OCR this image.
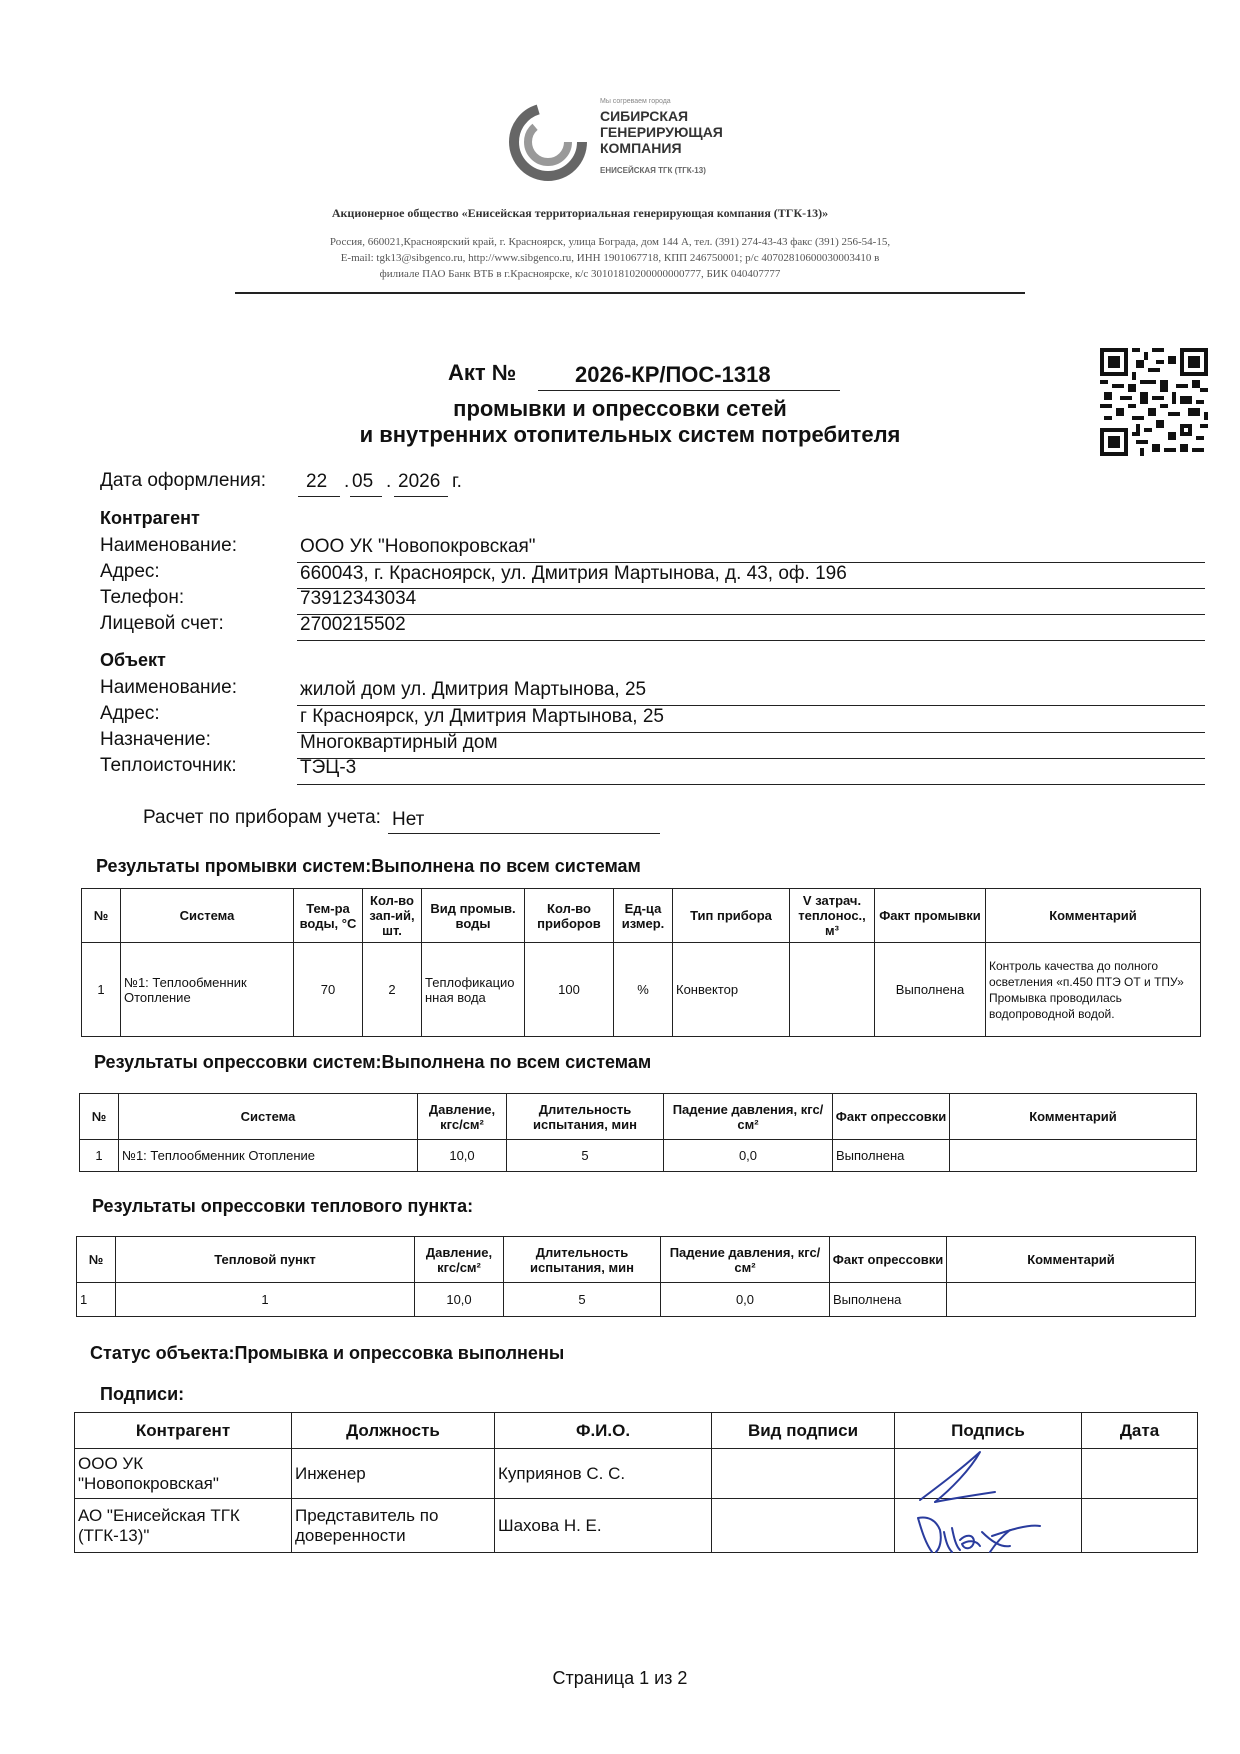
Мы согреваем города
СИБИРСКАЯ
ГЕНЕРИРУЮЩАЯ
КОМПАНИЯ
ЕНИСЕЙСКАЯ ТГК (ТГК-13)
Акционерное общество «Енисейская территориальная генерирующая компания (ТГК-13)»
Россия, 660021,Красноярский край, г. Красноярск, улица Бограда, дом 144 А, тел. (391) 274-43-43 факс (391) 256-54-15,
E-mail: tgk13@sibgenco.ru, http://www.sibgenco.ru, ИНН 1901067718, КПП 246750001; р/с 40702810600030003410 в
филиале ПАО Банк ВТБ в г.Красноярске, к/с 30101810200000000777, БИК 040407777
Акт №	2026-КР/ПОС-1318
промывки и опрессовки сетей
и внутренних отопительных систем потребителя
Дата оформления: 22 . 05 . 2026 г.
Контрагент
Наименование:	ООО УК "Новопокровская"
Адрес:	660043, г. Красноярск, ул. Дмитрия Мартынова, д. 43, оф. 196
Телефон:	73912343034
Лицевой счет:	2700215502
Объект
Наименование:	жилой дом ул. Дмитрия Мартынова, 25
Адрес:	г Красноярск, ул Дмитрия Мартынова, 25
Назначение:	Многоквартирный дом
Теплоисточник:	ТЭЦ-3
Расчет по приборам учета: Нет
Результаты промывки систем:Выполнена по всем системам
№	Система	Тем-ра воды, °С	Кол-во зап-ий, шт.	Вид промыв. воды	Кол-во приборов	Ед-ца измер.	Тип прибора	V затрач. теплонос., м³	Факт промывки	Комментарий
1	№1: Теплообменник Отопление	70	2	Теплофикационная вода	100	%	Конвектор		Выполнена	Контроль качества до полного осветления «п.450 ПТЭ ОТ и ТПУ» Промывка проводилась водопроводной водой.
Результаты опрессовки систем:Выполнена по всем системам
№	Система	Давление, кгс/см²	Длительность испытания, мин	Падение давления, кгс/см²	Факт опрессовки	Комментарий
1	№1: Теплообменник Отопление	10,0	5	0,0	Выполнена	
Результаты опрессовки теплового пункта:
№	Тепловой пункт	Давление, кгс/см²	Длительность испытания, мин	Падение давления, кгс/см²	Факт опрессовки	Комментарий
1	1	10,0	5	0,0	Выполнена	
Статус объекта:Промывка и опрессовка выполнены
Подписи:
Контрагент	Должность	Ф.И.О.	Вид подписи	Подпись	Дата
ООО УК "Новопокровская"	Инженер	Куприянов С. С.			
АО "Енисейская ТГК (ТГК-13)"	Представитель по доверенности	Шахова Н. Е.			
Страница 1 из 2
